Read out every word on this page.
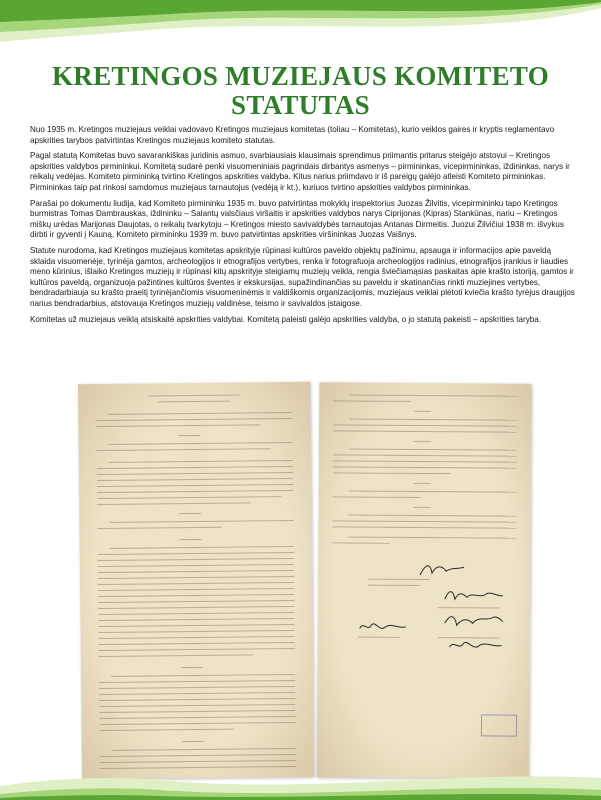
KRETINGOS MUZIEJAUS KOMITETO
STATUTAS

Nuo 1935 m. Kretingos muziejaus veiklai vadovavo Kretingos muziejaus komitetas (toliau – Komitetas), kurio veiklos gaires ir kryptis reglamentavo apskrities tarybos patvirtintas Kretingos muziejaus komiteto statutas.

Pagal statutą Komitetas buvo savarankiškas juridinis asmuo, svarbiausiais klausimais sprendimus priimantis pritarus steigėjo atstovui – Kretingos apskrities valdybos pirmininkui. Komitetą sudarė penki visuomeniniais pagrindais dirbantys asmenys – pirmininkas, vicepirmininkas, iždininkas, narys ir reikalų vedėjas. Komiteto pirmininką tvirtino Kretingos apskrities valdyba. Kitus narius priimdavo ir iš pareigų galėjo atleisti Komiteto pirmininkas. Pirmininkas taip pat rinkosi samdomus muziejaus tarnautojus (vedėją ir kt.), kuriuos tvirtino apskrities valdybos pirmininkas.

Parašai po dokumentu liudija, kad Komiteto pirmininku 1935 m. buvo patvirtintas mokyklų inspektorius Juozas Žilvitis, vicepirmininku tapo Kretingos burmistras Tomas Dambrauskas, iždininku – Salantų valsčiaus viršaitis ir apskrities valdybos narys Ciprijonas (Kipras) Stankūnas, nariu – Kretingos miškų urėdas Marijonas Daujotas, o reikalų tvarkytoju – Kretingos miesto savivaldybės tarnautojas Antanas Dirmeitis. Juozui Žilvičiui 1938 m. išvykus dirbti ir gyventi į Kauną, Komiteto pirmininku 1939 m. buvo patvirtintas apskrities viršininkas Juozas Vaišnys.

Statute nurodoma, kad Kretingos muziejaus komitetas apskrityje rūpinasi kultūros paveldo objektų pažinimu, apsauga ir informacijos apie paveldą sklaida visuomenėje, tyrinėja gamtos, archeologijos ir etnografijos vertybes, renka ir fotografuoja archeologijos radinius, etnografijos įrankius ir liaudies meno kūrinius, išlaiko Kretingos muziejų ir rūpinasi kitų apskrityje steigiamų muziejų veikla, rengia šviečiamąsias paskaitas apie krašto istoriją, gamtos ir kultūros paveldą, organizuoja pažintines kultūros šventes ir ekskursijas, supažindinančias su paveldu ir skatinančias rinkti muziejines vertybes, bendradarbiauja su krašto praeitį tyrinėjančiomis visuomeninėmis ir valdiškomis organizacijomis, muziejaus veiklai plėtoti kviečia krašto tyrėjus draugijos narius bendradarbius, atstovauja Kretingos muziejų valdinėse, teismo ir savivaldos įstaigose.

Komitetas už muziejaus veiklą atsiskaitė apskrities valdybai. Komitetą paleisti galėjo apskrities valdyba, o jo statutą pakeisti – apskrities taryba.
